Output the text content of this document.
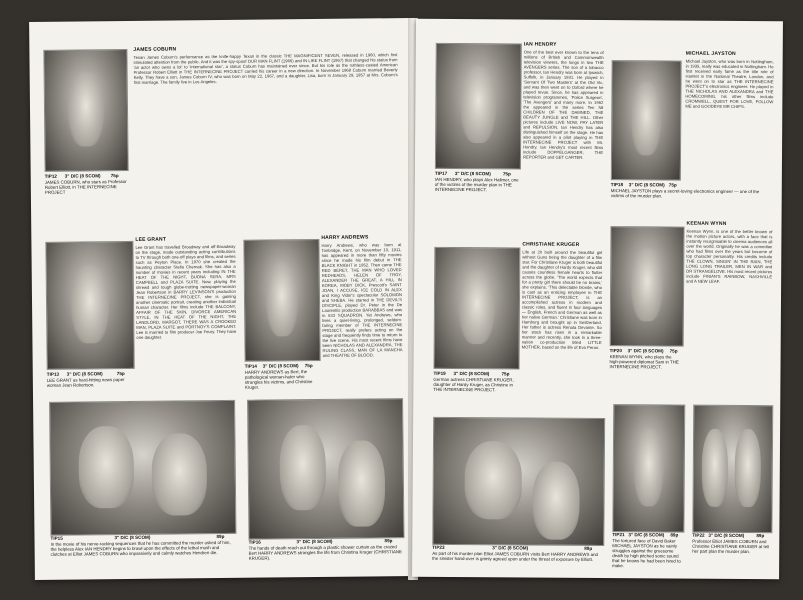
TIP12 3" D/C (8 SCOM) 75p
JAMES COBURN, who stars as Professor Robert Elliott, in THE INTERNECINE PROJECT
JAMES COBURN
Texan James Coburn's performance as the knife-happy Texan in the classic THE MAGNIFICENT SEVEN, released in 1960, which first stimulated attention from the public. And it was the spy-spoof OUR MAN FLINT (1966) and IN LIKE FLINT (1967) that changed his status from 'an actor who owns a lot' to 'international star', a status Coburn has maintained ever since. But his role as the ruthless-coated American Professor Robert Elliott in THE INTERNECINE PROJECT carried his career in a new direction. In November 1968 Coburn married Beverly Kelly. They have a son, James Coburn IV, who was born on May 22, 1967, and a daughter, Lisa, born in January 29, 1957 at Mrs. Coburn's first marriage. The family live in Los Angeles.
LEE GRANT
TIP13 3" D/C (8 SCOM)	75p
LEE GRANT as hard-hitting news paper woman Jean Robertson.
Lee Grant has travelled Broadway and off-Broadway on the stage, made outstanding acting contributions to TV through both one-off plays and films, and series such as Peyton Place. In 1970 she created the haunting character Stella Chernak. She has also a number of movies in recent years including IN THE HEAT OF THE NIGHT, BUONA SERA, MRS CAMPBELL and PLAZA SUITE. Now, playing the shrewd and tough globe-trotting newspaper-woman Jean Robertson in BARRY LEVINSON'S production THE INTERNECINE PROJECT, she is gaining another cinematic portrait, creating another individual human character. Her films include THE BALCONY, AFFAIR OF THE SKIN, DIVORCE AMERICAN STYLE, IN THE HEAT OF THE NIGHT, THE LANDLORD, MARGOT, THERE WAS A CROOKED MAN, PLAZA SUITE and PORTNOY'S COMPLAINT. Lee is married to film producer Joe Feury. They have one daughter.
HARRY ANDREWS
TIP14 3" D/C (8 SCOM) 75p
HARRY ANDREWS as Bert, the pathological woman-hater who strangles his victims, and Christine Kruger.
Harry Andrews, who was born at Tonbridge, Kent, on November 10, 1911, has appeared in more than fifty movies since he made his film debut in THE BLACK KNIGHT in 1952. Then came THE RED BERET, THE MAN WHO LOVED REDHEADS, HELEN OF TROY, ALEXANDER THE GREAT, A HILL IN KOREA, MOBY DICK, Prescott's SAINT JOAN, I ACCUSE, ICE COLD IN ALEX and King Vidor's spectacular SOLOMON and SHEBA. He starred in THE DEVIL'S DISCIPLE, played Dr. Peter in the De Laurentiis production BARABBAS and was in 633 SQUADRON. Yet Andrews, who lives a quiet-living, prolonged, seldom-faring member of THE INTERNECINE PROJECT, really prefers acting on the stage and frequently finds time to return to the live scene. His most recent films have been NICHOLAS AND ALEXANDRA, THE RULING CLASS, MAN OF LA MANCHA and THEATRE OF BLOOD.
TIP15	3" D/C (8 SCOM)	89p
In the movie of his nerve-racking sequences that he has committed the murder asked of him, the helpless Alex IAN HENDRY begins to brawl upon the effects of the lethal mush and clutches at Elliot JAMES COBURN who impassively and calmly watches Hendren die.
TIP16	3" D/C (8 SCOM)	89p
The hands of death reach out through a plastic shower curtain as the crazed Bert HARRY ANDREWS strangles the life from Christina Kruger (CHRISTIANE KRUGER).
TIP17 3" D/C (8 SCOM)	75p
IAN HENDRY, who plays Alex Hallmer, one of the victims of the murder plan in THE INTERNECINE PROJECT.
IAN HENDRY
One of the best ever known to the tens of millions of British and Commonwealth television viewers, the lungs in two THE AVENGERS series. The son of a tobacco professor, Ian Hendry was born at Ipswich, Suffolk, in January 1931. He played in 'Servant Of Two Masters' at the Old Vic, and was then went on to Oxford where he played revue. Since, he has appeared in television programmes, 'Police Surgeon', 'The Avengers' and many more. In 1962 the appeared in the series Ten Nil CHILDREN OF THE DAMNED, THE BEAUTY JUNGLE and THE HILL. Other pictures include LIVE NOW, PAY LATER and REPULSION. Ian Hendry has also distinguished himself on the stage. He has also appeared in a pilot playing in THE INTERNECINE PROJECT with Mr. Hendry. Ian Hendry's most recent films include DOPPELGANGER, THE REPORTER and GET CARTER.
TIP18 3" D/C (8 SCOM) 75p
MICHAEL JAYSTON plays a secret-loving electronics engineer — one of the victims of the murder plan.
MICHAEL JAYSTON
Michael Jayston, who was born in Nottingham, in 1935, really was educated in Nottingham. He first received early fame as the title role of Hamlet in the National Theatre, London, and he went on to star as THE INTERNECINE PROJECT's electronics engineer. He played in THE NICHOLAS AND ALEXANDRA and THE HOMECOMING, his other films include CROMWELL, QUEST FOR LOVE, FOLLOW ME and GOODBYE MR CHIPS.
TIP19 3" D/C (8 SCOM)	75p
German actress CHRISTIANE KRUGER, daughter of Hardy Kruger, as Christine in THE INTERNECINE PROJECT.
CHRISTIANE KRUGER
Life at 20 built around the beautiful girl without Guns being the daughter of a film star. For Christiane Kruger is both beautiful and the daughter of Hardy Kruger, who still causes countless female hearts to flutter across the globe. 'The world expects that for a pretty girl there should be no brains,' she explains. 'This delectable blonde, who is cast as an enticing employee in THE INTERNECINE PROJECT, is an accomplished actress in modern and classic roles, and fluent in four languages — English, French and German as well as her native German.' Christiane was born in Hamburg and brought up in Switzerland. Her father is actress Renata Devante. So her stock has risen in a remarkable manner and recently, she took in a three-nation co-production titled LITTLE MOTHER, based on the life of Eva Peron.
TIP20 3" D/C (8 SCOM) 75p
KEENAN WYNN, who plays the high-powered diplomat Sam in THE INTERNECINE PROJECT.
KEENAN WYNN
Keenan Wynn, is one of the better known of the motion picture actors, with a face that is instantly recognisable to cinema audiences all over the world. Originally he was a comedian who had films over the years but become of top character personality. His credits include THE CLOWN, SINGIN' IN THE RAIN, THE LONG LONG TRAILER, MEN IN WAR and DR STRANGELOVE. His most recent pictures include FINIAN'S RAINBOW, NASHVILLE and A NEW LEAF.
TIP23	3" D/C (8 SCOM)	89p
As part of his murder plan Elliot JAMES COBURN visits Bert HARRY ANDREWS and the sinister hand-over is grimly agreed upon under the threat of exposure by Elliott.
TIP21 3" D/C (8 SCOM) 89p
The tortured face of David Baker MICHAEL JAYSTON as he vainly struggles against the gruesome death by high pitched sonic sound that he knows he had been hired to make.
TIP22 3" D/C (8 SCOM)	89p
Professor Elliot JAMES COBURN and Christine CHRISTIANE KRUGER at tell her part plan the murder plan.
